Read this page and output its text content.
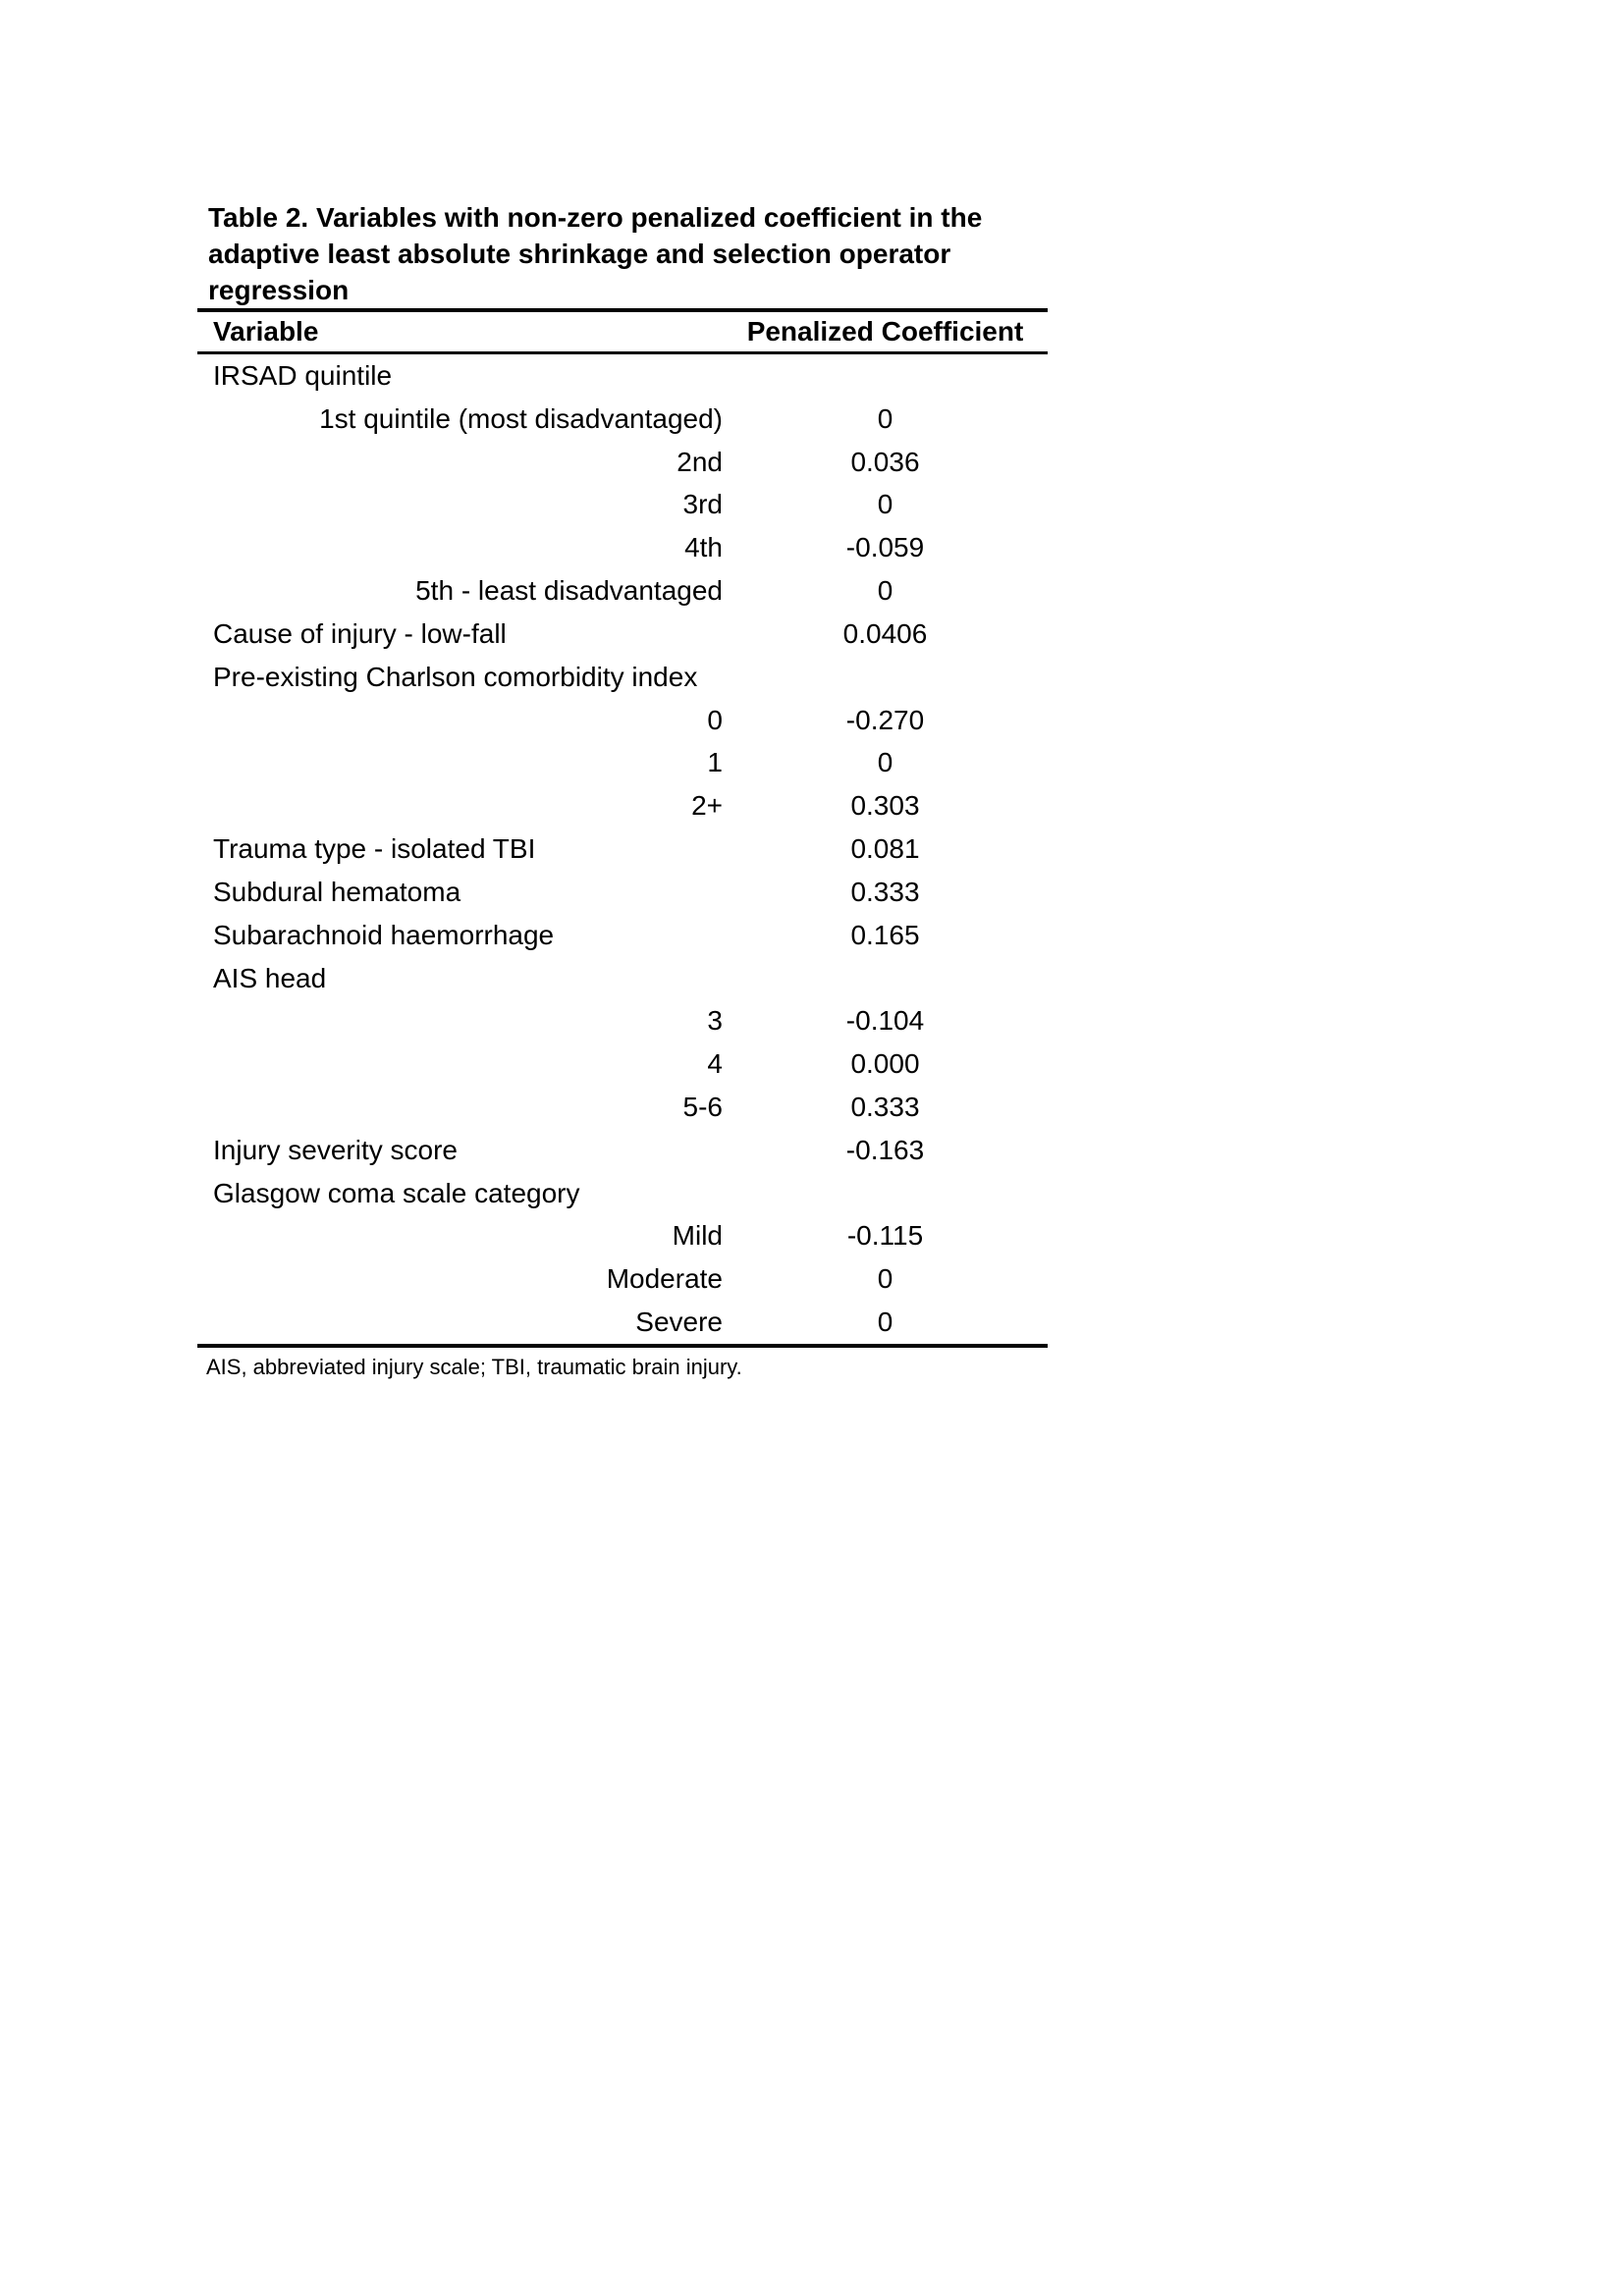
Table 2. Variables with non-zero penalized coefficient in the
adaptive least absolute shrinkage and selection operator
regression
Variable	Penalized Coefficient
IRSAD quintile
1st quintile (most disadvantaged)	0
2nd	0.036
3rd	0
4th	-0.059
5th - least disadvantaged	0
Cause of injury - low-fall	0.0406
Pre-existing Charlson comorbidity index
0	-0.270
1	0
2+	0.303
Trauma type - isolated TBI	0.081
Subdural hematoma	0.333
Subarachnoid haemorrhage	0.165
AIS head
3	-0.104
4	0.000
5-6	0.333
Injury severity score	-0.163
Glasgow coma scale category
Mild	-0.115
Moderate	0
Severe	0
AIS, abbreviated injury scale; TBI, traumatic brain injury.
